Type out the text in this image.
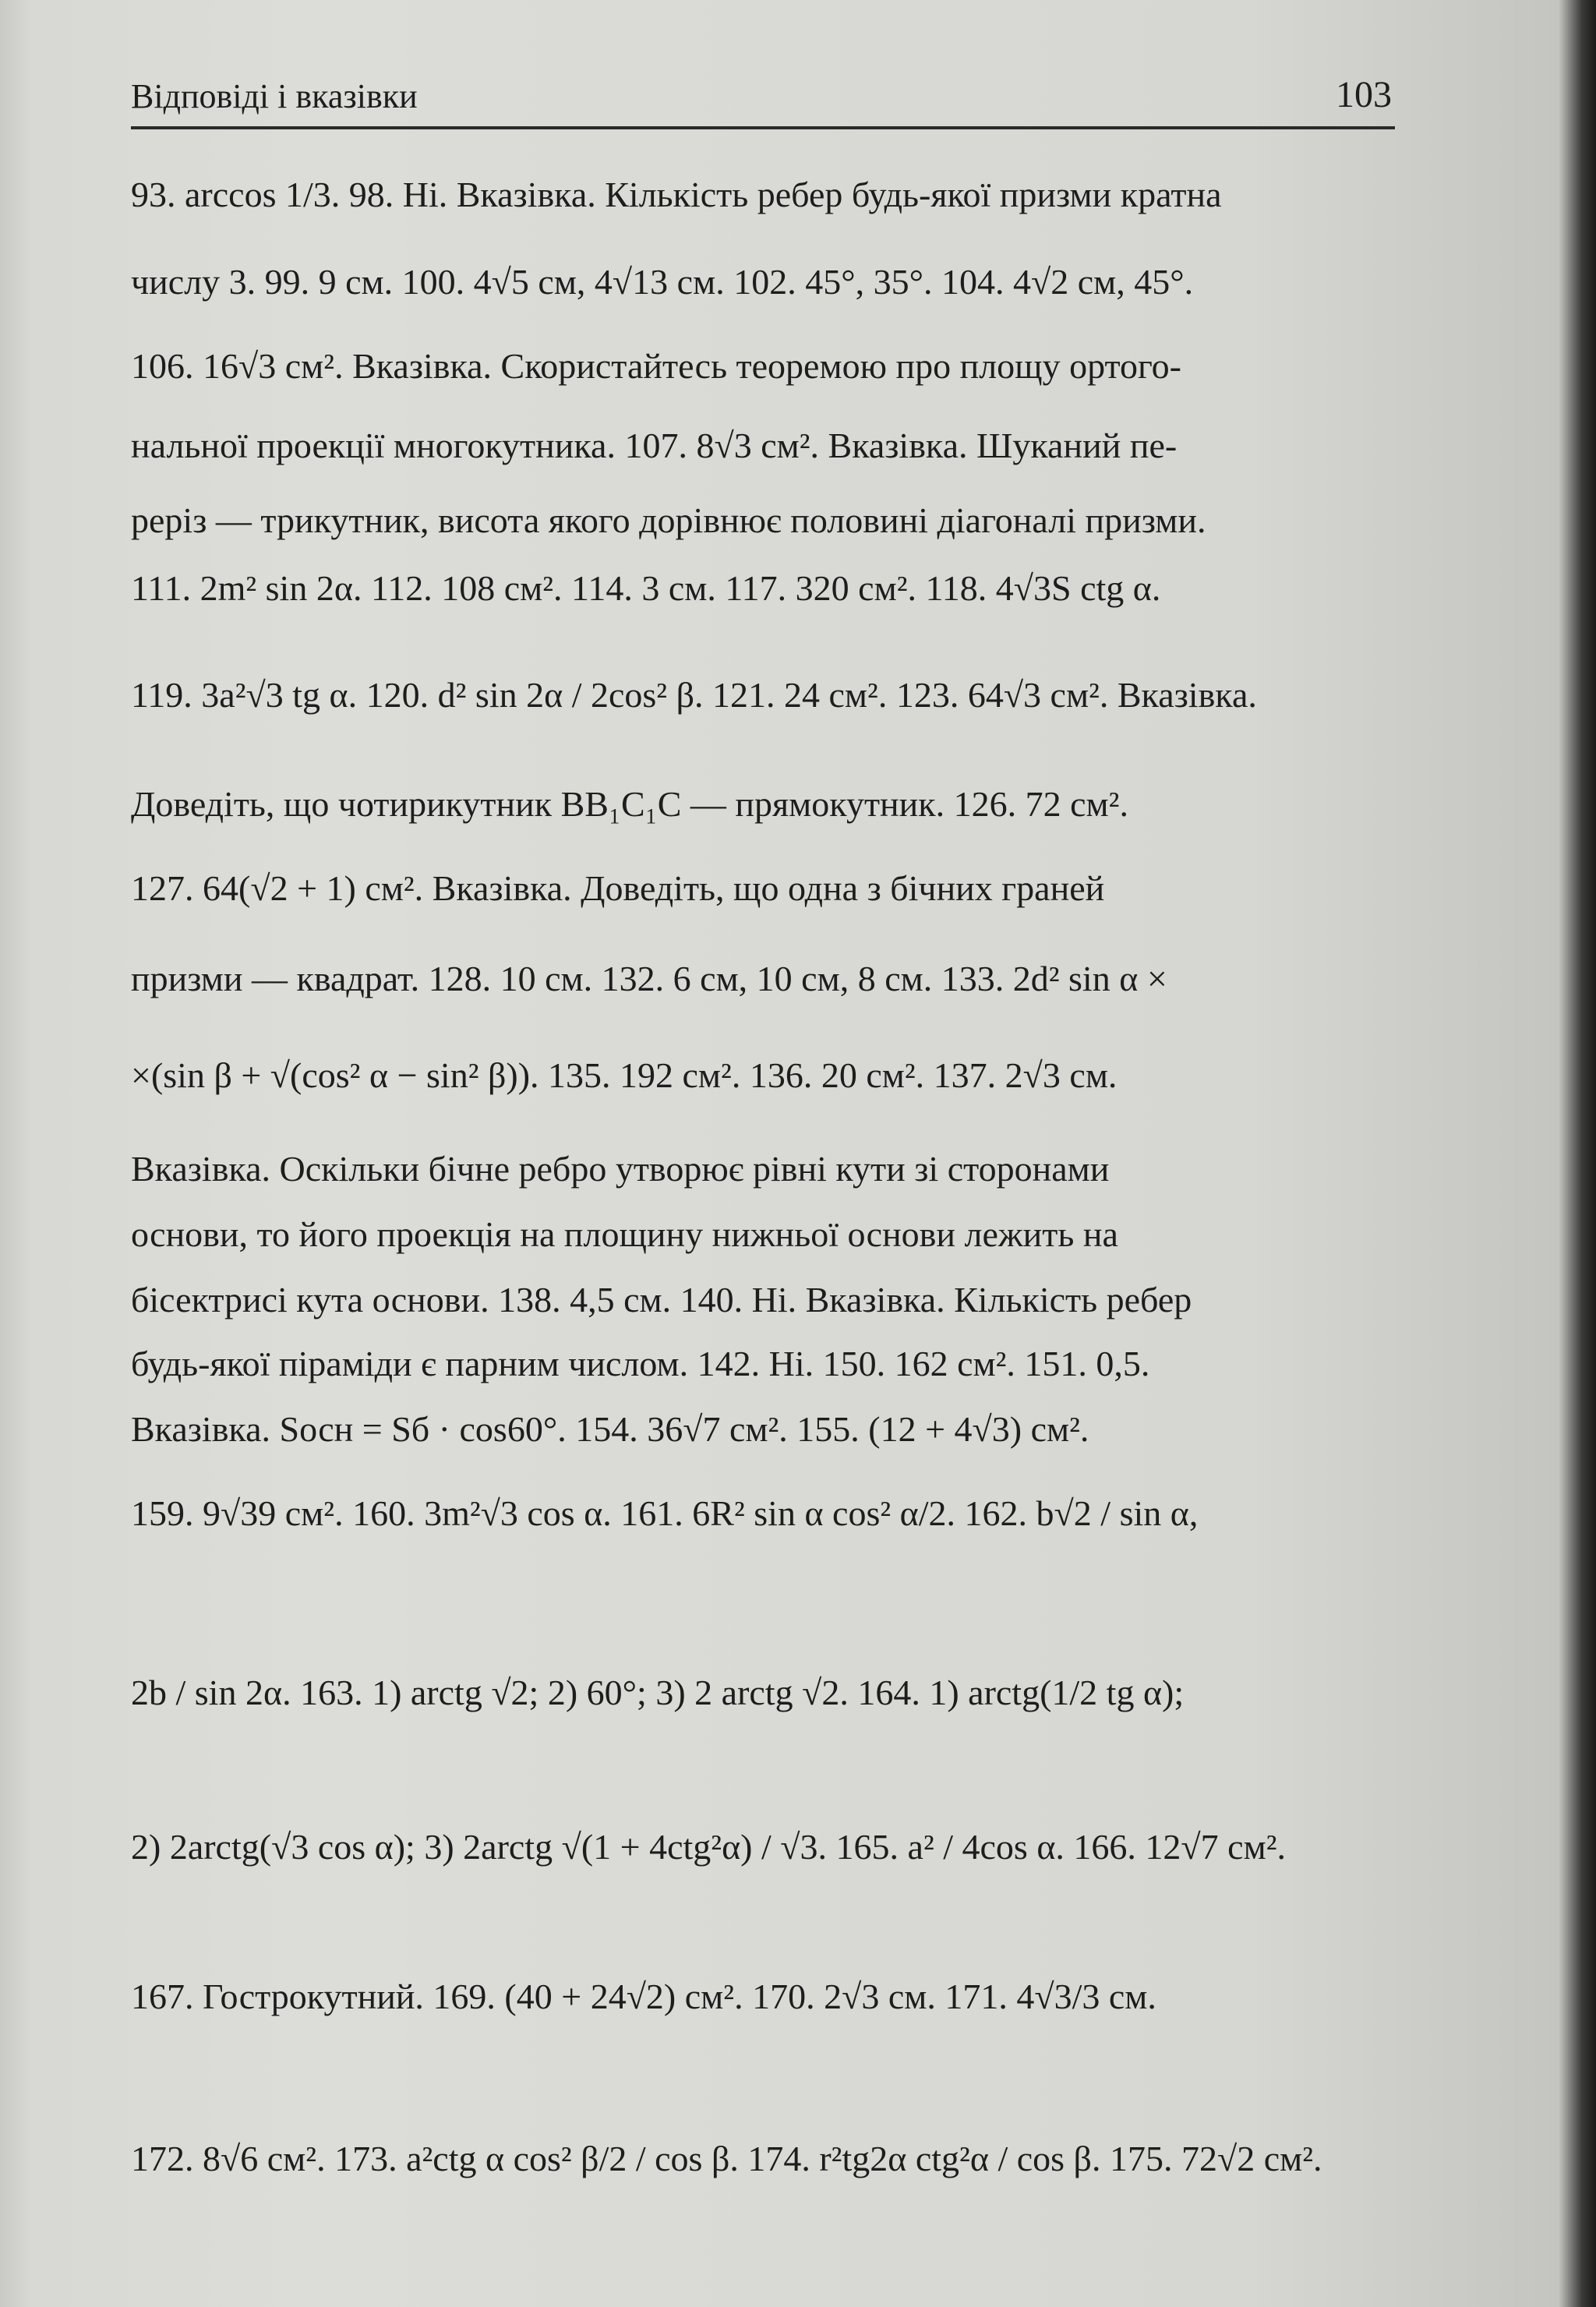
Відповіді і вказівки	103
93. arccos 1/3. 98. Ні. Вказівка. Кількість ребер будь-якої призми кратна
числу 3. 99. 9 см. 100. 4√5 см, 4√13 см. 102. 45°, 35°. 104. 4√2 см, 45°.
106. 16√3 см². Вказівка. Скористайтесь теоремою про площу ортого-
нальної проекції многокутника. 107. 8√3 см². Вказівка. Шуканий пе-
реріз — трикутник, висота якого дорівнює половині діагоналі призми.
111. 2m² sin 2α. 112. 108 см². 114. 3 см. 117. 320 см². 118. 4√3S ctg α.
119. 3a²√3 tg α. 120. d² sin 2α / 2cos² β. 121. 24 см². 123. 64√3 см². Вказівка.
Доведіть, що чотирикутник BB₁C₁C — прямокутник. 126. 72 см².
127. 64(√2 + 1) см². Вказівка. Доведіть, що одна з бічних граней
призми — квадрат. 128. 10 см. 132. 6 см, 10 см, 8 см. 133. 2d² sin α ×
×(sin β + √(cos² α − sin² β)). 135. 192 см². 136. 20 см². 137. 2√3 см.
Вказівка. Оскільки бічне ребро утворює рівні кути зі сторонами
основи, то його проекція на площину нижньої основи лежить на
бісектрисі кута основи. 138. 4,5 см. 140. Ні. Вказівка. Кількість ребер
будь-якої піраміди є парним числом. 142. Ні. 150. 162 см². 151. 0,5.
Вказівка. Sосн = Sб · cos60°. 154. 36√7 см². 155. (12 + 4√3) см².
159. 9√39 см². 160. 3m²√3 cos α. 161. 6R² sin α cos² α/2. 162. b√2 / sin α,
2b / sin 2α. 163. 1) arctg √2; 2) 60°; 3) 2 arctg √2. 164. 1) arctg(1/2 tg α);
2) 2arctg(√3 cos α); 3) 2arctg √(1 + 4ctg²α) / √3. 165. a² / 4cos α. 166. 12√7 см².
167. Гострокутний. 169. (40 + 24√2) см². 170. 2√3 см. 171. 4√3/3 см.
172. 8√6 см². 173. a²ctg α cos² β/2 / cos β. 174. r²tg2α ctg²α / cos β. 175. 72√2 см².
